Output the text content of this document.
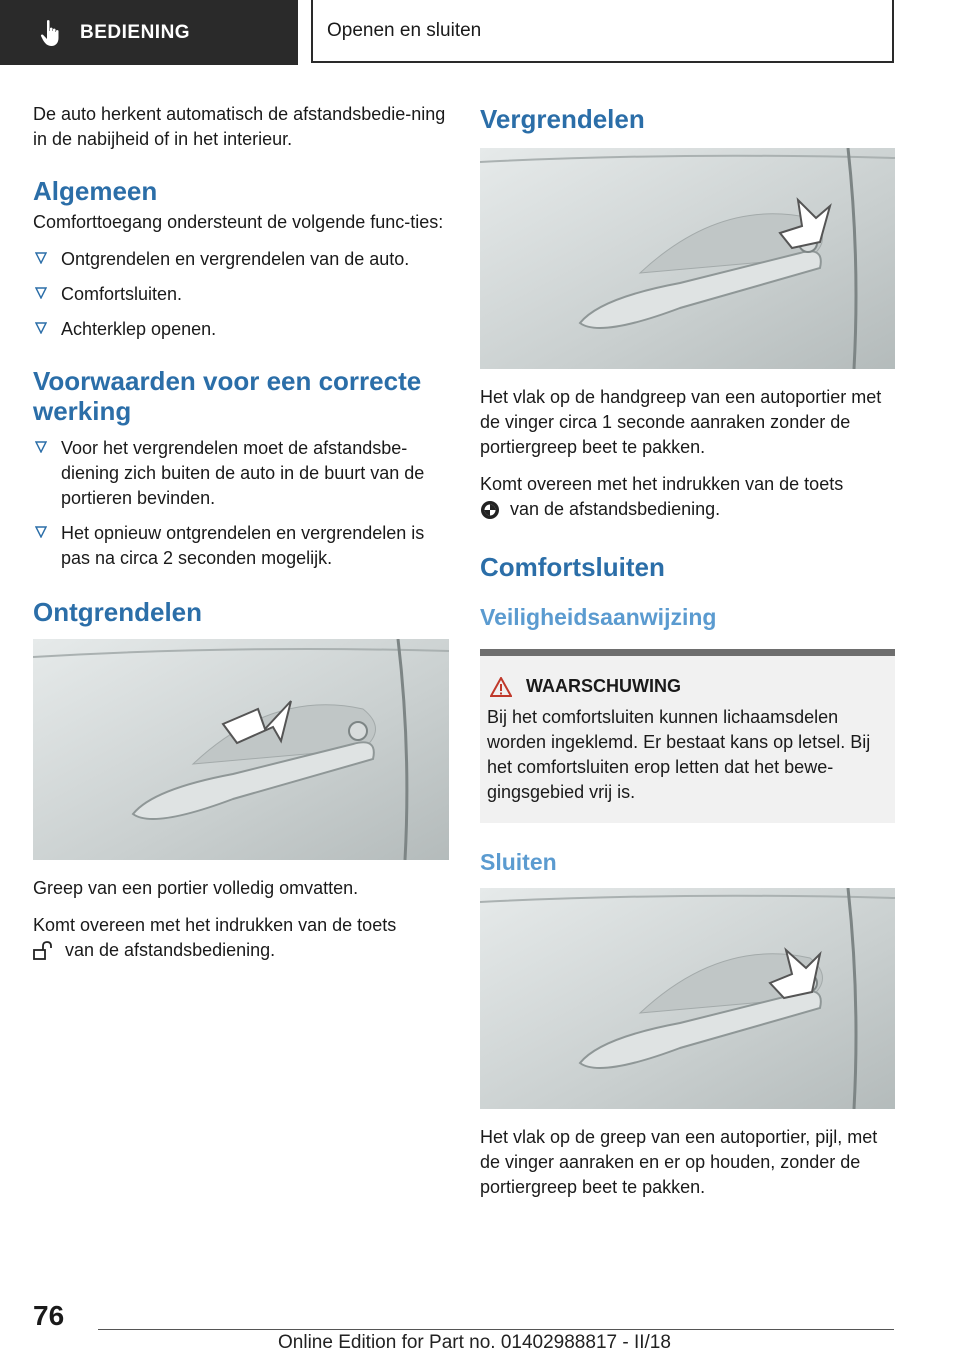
BEDIENING	Openen en sluiten

De auto herkent automatisch de afstandsbedie-ning in de nabijheid of in het interieur.

Algemeen

Comforttoegang ondersteunt de volgende func-ties:

Ontgrendelen en vergrendelen van de auto.
Comfortsluiten.
Achterklep openen.
Voorwaarden voor een correcte werking
Voor het vergrendelen moet de afstandsbe-diening zich buiten de auto in de buurt van de portieren bevinden.
Het opnieuw ontgrendelen en vergrendelen is pas na circa 2 seconden mogelijk.
Ontgrendelen

Greep van een portier volledig omvatten.

Komt overeen met het indrukken van de toets
van de afstandsbediening.

Vergrendelen

Het vlak op de handgreep van een autoportier met de vinger circa 1 seconde aanraken zonder de portiergreep beet te pakken.

Komt overeen met het indrukken van de toets
van de afstandsbediening.

Comfortsluiten
Veiligheidsaanwijzing
WAARSCHUWING

Bij het comfortsluiten kunnen lichaamsdelen worden ingeklemd. Er bestaat kans op letsel. Bij het comfortsluiten erop letten dat het bewe-gingsgebied vrij is.

Sluiten

Het vlak op de greep van een autoportier, pijl, met de vinger aanraken en er op houden, zonder de portiergreep beet te pakken.

76
Online Edition for Part no. 01402988817 - II/18
